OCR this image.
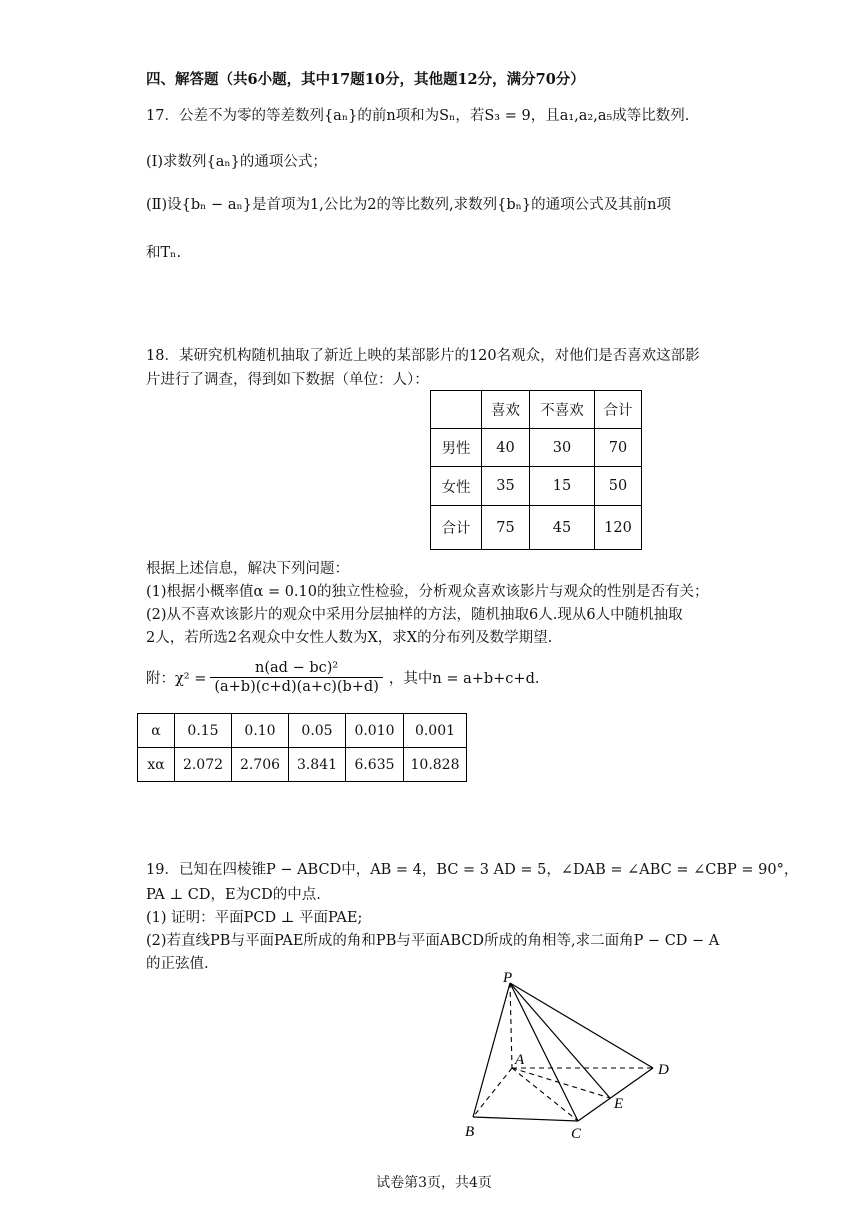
四、解答题（共6小题，其中17题10分，其他题12分，满分70分）
17．公差不为零的等差数列{aₙ}的前n项和为Sₙ，若S₃ = 9，且a₁,a₂,a₅成等比数列.
(Ⅰ)求数列{aₙ}的通项公式；
(Ⅱ)设{bₙ − aₙ}是首项为1,公比为2的等比数列,求数列{bₙ}的通项公式及其前n项
和Tₙ.
18．某研究机构随机抽取了新近上映的某部影片的120名观众，对他们是否喜欢这部影
片进行了调查，得到如下数据（单位：人）：
	喜欢	不喜欢	合计
男性	40	30	70
女性	35	15	50
合计	75	45	120
根据上述信息，解决下列问题：
(1)根据小概率值α = 0.10的独立性检验，分析观众喜欢该影片与观众的性别是否有关；
(2)从不喜欢该影片的观众中采用分层抽样的方法，随机抽取6人.现从6人中随机抽取
2人，若所选2名观众中女性人数为X，求X的分布列及数学期望.
附：$\chi^2 = \frac{\text{n(ad − bc)²}}{(a+b)(c+d)(a+c)(b+d)}$ ，其中n = a+b+c+d.
α	0.15	0.10	0.05	0.010	0.001
xα	2.072	2.706	3.841	6.635	10.828
19．已知在四棱锥P − ABCD中，AB = 4，BC = 3 AD = 5，∠DAB = ∠ABC = ∠CBP = 90°，
PA ⊥ CD，E为CD的中点.
(1) 证明：平面PCD ⊥ 平面PAE;
(2)若直线PB与平面PAE所成的角和PB与平面ABCD所成的角相等,求二面角P − CD − A
的正弦值.
P
A
B	C
D
E
试卷第3页，共4页
